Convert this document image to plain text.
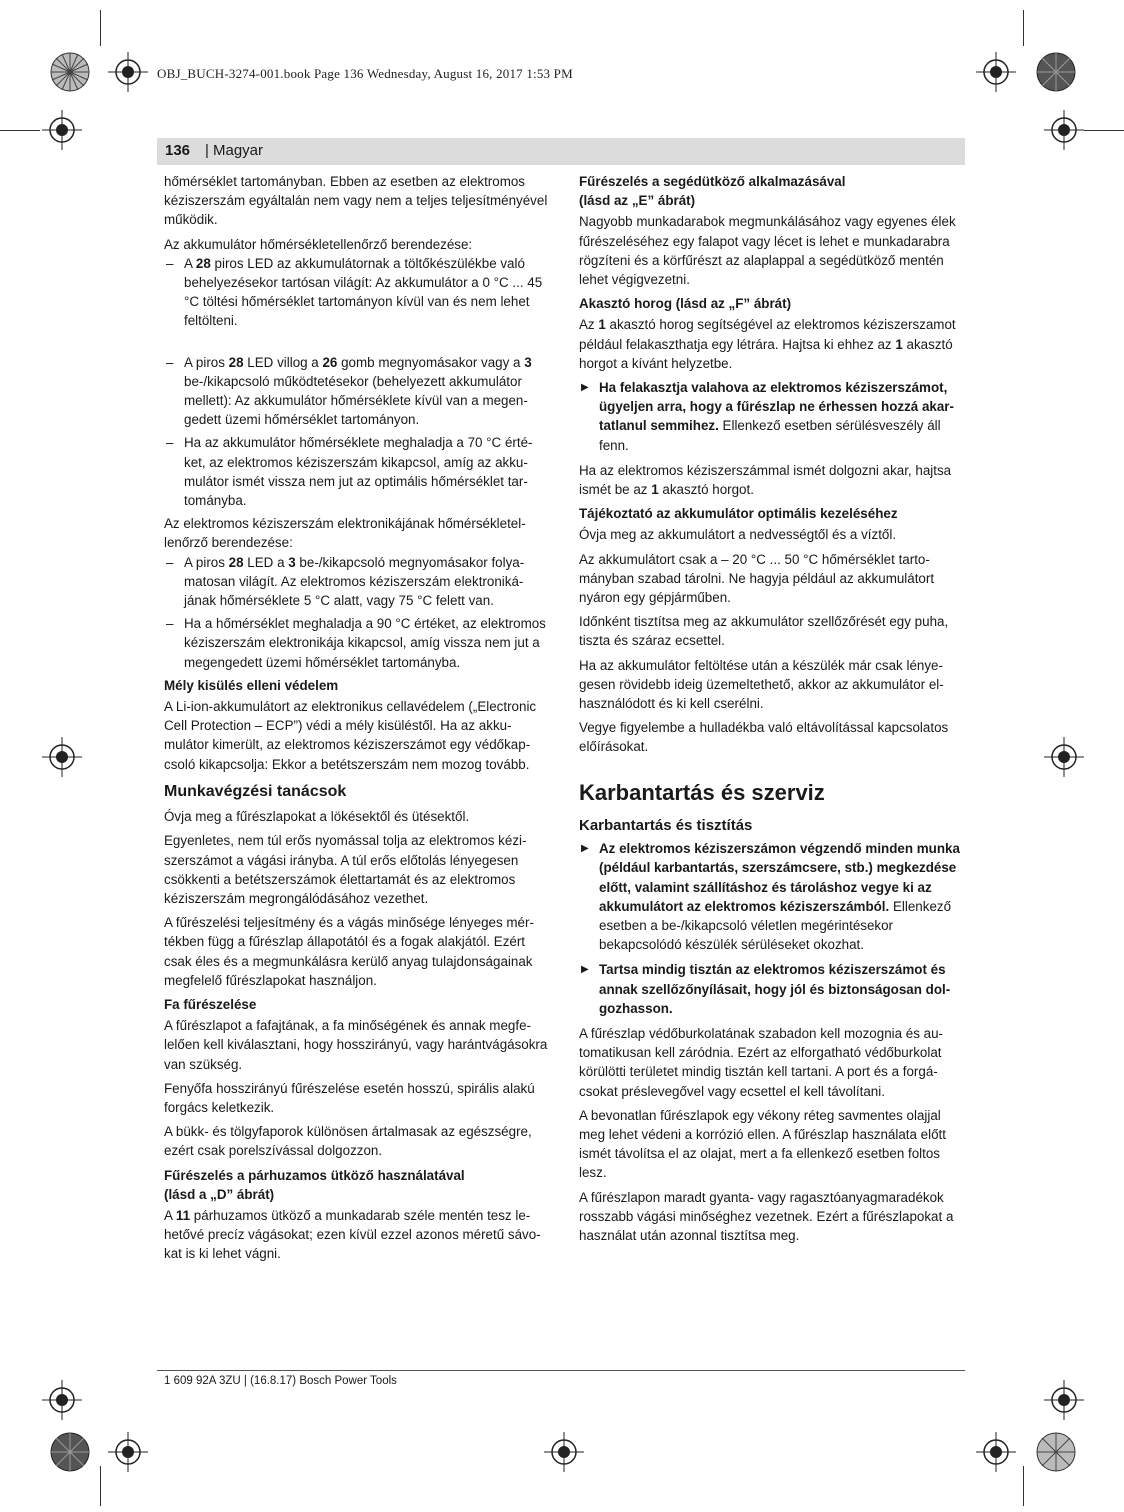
OBJ_BUCH-3274-001.book Page 136 Wednesday, August 16, 2017 1:53 PM
136 | Magyar

hőmérséklet tartományban. Ebben az esetben az elektromos kéziszerszám egyáltalán nem vagy nem a teljes teljesítményével működik.

Az akkumulátor hőmérsékletellenőrző berendezése:

– A 28 piros LED az akkumulátornak a töltőkészülékbe való behelyezésekor tartósan világít: Az akkumulátor a 0 °C ... 45 °C töltési hőmérséklet tartományon kívül van és nem lehet feltölteni.
– A piros 28 LED villog a 26 gomb megnyomásakor vagy a 3 be-/kikapcsoló működtetésekor (behelyezett akkumulátor mellett): Az akkumulátor hőmérséklete kívül van a megengedett üzemi hőmérséklet tartományon.
– Ha az akkumulátor hőmérséklete meghaladja a 70 °C értéket, az elektromos kéziszerszám kikapcsol, amíg az akkumulátor ismét vissza nem jut az optimális hőmérséklet tartományba.

Az elektromos kéziszerszám elektronikájának hőmérsékletellenőrző berendezése:

– A piros 28 LED a 3 be-/kikapcsoló megnyomásakor folyamatosan világít. Az elektromos kéziszerszám elektronikájának hőmérséklete 5 °C alatt, vagy 75 °C felett van.
– Ha a hőmérséklet meghaladja a 90 °C értéket, az elektromos kéziszerszám elektronikája kikapcsol, amíg vissza nem jut a megengedett üzemi hőmérséklet tartományba.
Mély kisülés elleni védelem

A Li-ion-akkumulátort az elektronikus cellavédelem („Electronic Cell Protection – ECP”) védi a mély kisüléstől. Ha az akkumulátor kimerült, az elektromos kéziszerszámot egy védőkapcsoló kikapcsolja: Ekkor a betétszerszám nem mozog tovább.

Munkavégzési tanácsok

Óvja meg a fűrészlapokat a lökésektől és ütésektől.

Egyenletes, nem túl erős nyomással tolja az elektromos kéziszerszámot a vágási irányba. A túl erős előtolás lényegesen csökkenti a betétszerszámok élettartamát és az elektromos kéziszerszám megrongálódásához vezethet.

A fűrészelési teljesítmény és a vágás minősége lényeges mértékben függ a fűrészlap állapotától és a fogak alakjától. Ezért csak éles és a megmunkálásra kerülő anyag tulajdonságainak megfelelő fűrészlapokat használjon.

Fa fűrészelése

A fűrészlapot a fafajtának, a fa minőségének és annak megfelelően kell kiválasztani, hogy hosszirányú, vagy harántvágásokra van szükség.

Fenyőfa hosszirányú fűrészelése esetén hosszú, spirális alakú forgács keletkezik.

A bükk- és tölgyfaporok különösen ártalmasak az egészségre, ezért csak porelszívással dolgozzon.

Fűrészelés a párhuzamos ütköző használatával
(lásd a „D” ábrát)

A 11 párhuzamos ütköző a munkadarab széle mentén tesz lehetővé precíz vágásokat; ezen kívül ezzel azonos méretű sávokat is ki lehet vágni.

Fűrészelés a segédütköző alkalmazásával
(lásd az „E” ábrát)

Nagyobb munkadarabok megmunkálásához vagy egyenes élek fűrészeléséhez egy falapot vagy lécet is lehet e munkadarabra rögzíteni és a körfűrészt az alaplappal a segédütköző mentén lehet végigvezetni.

Akasztó horog (lásd az „F” ábrát)

Az 1 akasztó horog segítségével az elektromos kéziszerszamot például felakaszthatja egy létrára. Hajtsa ki ehhez az 1 akasztó horgot a kívánt helyzetbe.

▶ Ha felakasztja valahova az elektromos kéziszerszámot, ügyeljen arra, hogy a fűrészlap ne érhessen hozzá akartatlanul semmihez. Ellenkező esetben sérülésveszély áll fenn.

Ha az elektromos kéziszerszámmal ismét dolgozni akar, hajtsa ismét be az 1 akasztó horgot.

Tájékoztató az akkumulátor optimális kezeléséhez

Óvja meg az akkumulátort a nedvességtől és a víztől.

Az akkumulátort csak a – 20 °C ... 50 °C hőmérséklet tartományban szabad tárolni. Ne hagyja például az akkumulátort nyáron egy gépjárműben.

Időnként tisztítsa meg az akkumulátor szellőzőrését egy puha, tiszta és száraz ecsettel.

Ha az akkumulátor feltöltése után a készülék már csak lényegesen rövidebb ideig üzemeltethető, akkor az akkumulátor elhasználódott és ki kell cserélni.

Vegye figyelembe a hulladékba való eltávolítással kapcsolatos előírásokat.

Karbantartás és szerviz
Karbantartás és tisztítás
▶ Az elektromos kéziszerszámon végzendő minden munka (például karbantartás, szerszámcsere, stb.) megkezdése előtt, valamint szállításhoz és tároláshoz vegye ki az akkumulátort az elektromos kéziszerszámból. Ellenkező esetben a be-/kikapcsoló véletlen megérintésekor bekapcsolódó készülék sérüléseket okozhat.
▶ Tartsa mindig tisztán az elektromos kéziszerszámot és annak szellőzőnyílásait, hogy jól és biztonságosan dolgozhasson.

A fűrészlap védőburkolatának szabadon kell mozognia és automatikusan kell záródnia. Ezért az elforgatható védőburkolat körülötti területet mindig tisztán kell tartani. A port és a forgácsokat préslevegővel vagy ecsettel el kell távolítani.

A bevonatlan fűrészlapok egy vékony réteg savmentes olajjal meg lehet védeni a korrózió ellen. A fűrészlap használata előtt ismét távolítsa el az olajat, mert a fa ellenkező esetben foltos lesz.

A fűrészlapon maradt gyanta- vagy ragasztóanyagmaradékok rosszabb vágási minőséghez vezetnek. Ezért a fűrészlapokat a használat után azonnal tisztítsa meg.

1 609 92A 3ZU | (16.8.17) Bosch Power Tools
